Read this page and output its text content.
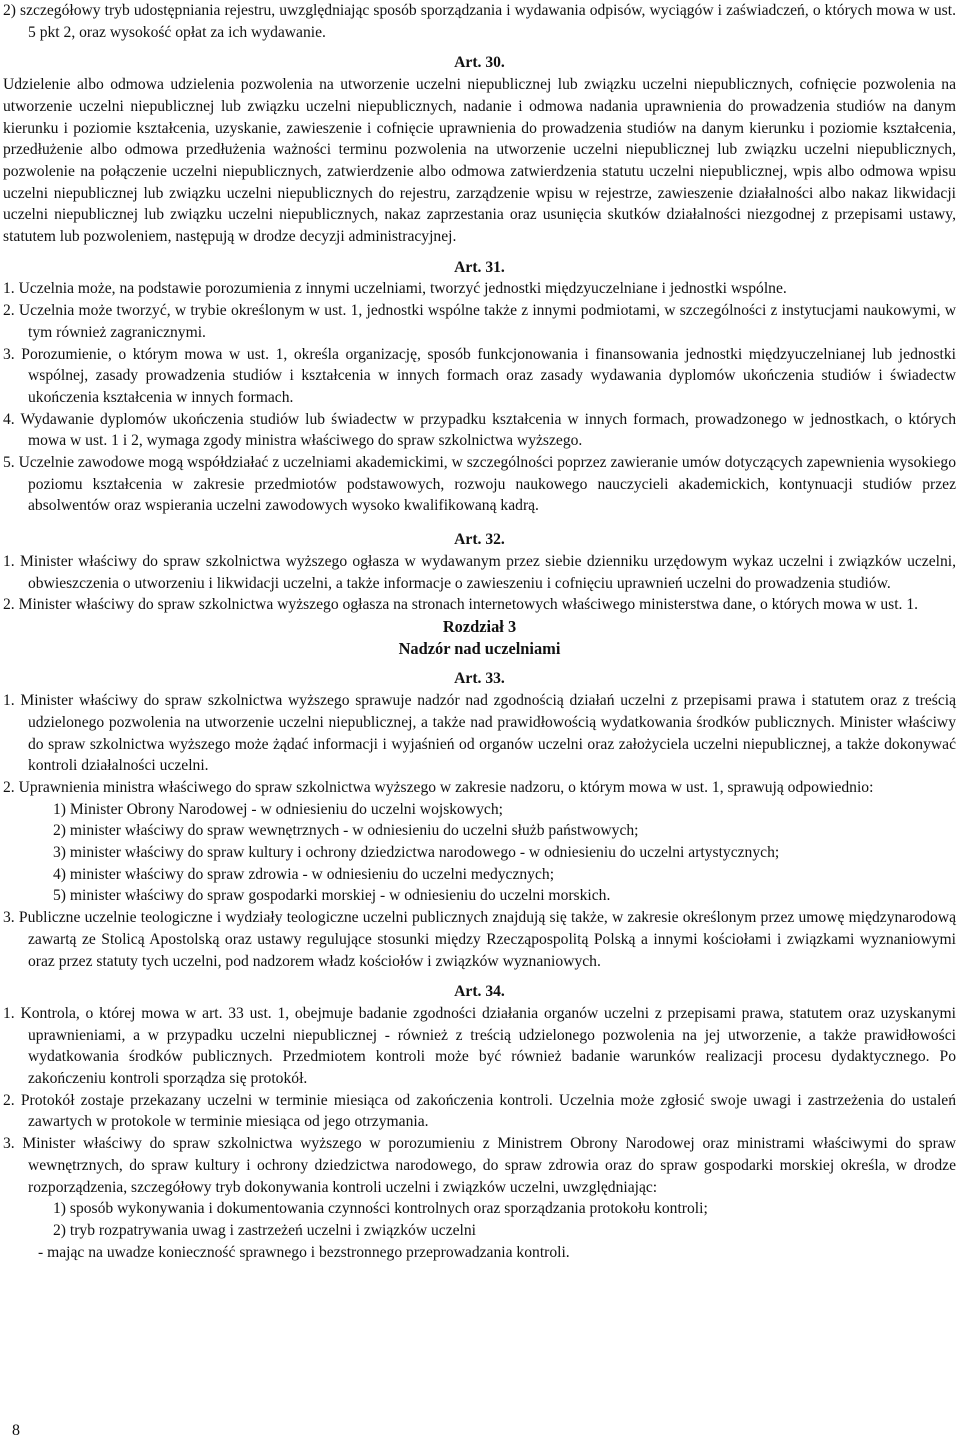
2) szczegółowy tryb udostępniania rejestru, uwzględniając sposób sporządzania i wydawania odpisów, wyciągów i zaświadczeń, o których mowa w ust. 5 pkt 2, oraz wysokość opłat za ich wydawanie.

Art. 30.

Udzielenie albo odmowa udzielenia pozwolenia na utworzenie uczelni niepublicznej lub związku uczelni niepublicznych, cofnięcie pozwolenia na utworzenie uczelni niepublicznej lub związku uczelni niepublicznych, nadanie i odmowa nadania uprawnienia do prowadzenia studiów na danym kierunku i poziomie kształcenia, uzyskanie, zawieszenie i cofnięcie uprawnienia do prowadzenia studiów na danym kierunku i poziomie kształcenia, przedłużenie albo odmowa przedłużenia ważności terminu pozwolenia na utworzenie uczelni niepublicznej lub związku uczelni niepublicznych, pozwolenie na połączenie uczelni niepublicznych, zatwierdzenie albo odmowa zatwierdzenia statutu uczelni niepublicznej, wpis albo odmowa wpisu uczelni niepublicznej lub związku uczelni niepublicznych do rejestru, zarządzenie wpisu w rejestrze, zawieszenie działalności albo nakaz likwidacji uczelni niepublicznej lub związku uczelni niepublicznych, nakaz zaprzestania oraz usunięcia skutków działalności niezgodnej z przepisami ustawy, statutem lub pozwoleniem, następują w drodze decyzji administracyjnej.

Art. 31.

1. Uczelnia może, na podstawie porozumienia z innymi uczelniami, tworzyć jednostki międzyuczelniane i jednostki wspólne.

2. Uczelnia może tworzyć, w trybie określonym w ust. 1, jednostki wspólne także z innymi podmiotami, w szczególności z instytucjami naukowymi, w tym również zagranicznymi.

3. Porozumienie, o którym mowa w ust. 1, określa organizację, sposób funkcjonowania i finansowania jednostki międzyuczelnianej lub jednostki wspólnej, zasady prowadzenia studiów i kształcenia w innych formach oraz zasady wydawania dyplomów ukończenia studiów i świadectw ukończenia kształcenia w innych formach.

4. Wydawanie dyplomów ukończenia studiów lub świadectw w przypadku kształcenia w innych formach, prowadzonego w jednostkach, o których mowa w ust. 1 i 2, wymaga zgody ministra właściwego do spraw szkolnictwa wyższego.

5. Uczelnie zawodowe mogą współdziałać z uczelniami akademickimi, w szczególności poprzez zawieranie umów dotyczących zapewnienia wysokiego poziomu kształcenia w zakresie przedmiotów podstawowych, rozwoju naukowego nauczycieli akademickich, kontynuacji studiów przez absolwentów oraz wspierania uczelni zawodowych wysoko kwalifikowaną kadrą.

Art. 32.

1. Minister właściwy do spraw szkolnictwa wyższego ogłasza w wydawanym przez siebie dzienniku urzędowym wykaz uczelni i związków uczelni, obwieszczenia o utworzeniu i likwidacji uczelni, a także informacje o zawieszeniu i cofnięciu uprawnień uczelni do prowadzenia studiów.

2. Minister właściwy do spraw szkolnictwa wyższego ogłasza na stronach internetowych właściwego ministerstwa dane, o których mowa w ust. 1.

Rozdział 3

Nadzór nad uczelniami

Art. 33.

1. Minister właściwy do spraw szkolnictwa wyższego sprawuje nadzór nad zgodnością działań uczelni z przepisami prawa i statutem oraz z treścią udzielonego pozwolenia na utworzenie uczelni niepublicznej, a także nad prawidłowością wydatkowania środków publicznych. Minister właściwy do spraw szkolnictwa wyższego może żądać informacji i wyjaśnień od organów uczelni oraz założyciela uczelni niepublicznej, a także dokonywać kontroli działalności uczelni.

2. Uprawnienia ministra właściwego do spraw szkolnictwa wyższego w zakresie nadzoru, o którym mowa w ust. 1, sprawują odpowiednio:

1) Minister Obrony Narodowej - w odniesieniu do uczelni wojskowych;

2) minister właściwy do spraw wewnętrznych - w odniesieniu do uczelni służb państwowych;

3) minister właściwy do spraw kultury i ochrony dziedzictwa narodowego - w odniesieniu do uczelni artystycznych;

4) minister właściwy do spraw zdrowia - w odniesieniu do uczelni medycznych;

5) minister właściwy do spraw gospodarki morskiej - w odniesieniu do uczelni morskich.

3. Publiczne uczelnie teologiczne i wydziały teologiczne uczelni publicznych znajdują się także, w zakresie określonym przez umowę międzynarodową zawartą ze Stolicą Apostolską oraz ustawy regulujące stosunki między Rzecząpospolitą Polską a innymi kościołami i związkami wyznaniowymi oraz przez statuty tych uczelni, pod nadzorem władz kościołów i związków wyznaniowych.

Art. 34.

1. Kontrola, o której mowa w art. 33 ust. 1, obejmuje badanie zgodności działania organów uczelni z przepisami prawa, statutem oraz uzyskanymi uprawnieniami, a w przypadku uczelni niepublicznej - również z treścią udzielonego pozwolenia na jej utworzenie, a także prawidłowości wydatkowania środków publicznych. Przedmiotem kontroli może być również badanie warunków realizacji procesu dydaktycznego. Po zakończeniu kontroli sporządza się protokół.

2. Protokół zostaje przekazany uczelni w terminie miesiąca od zakończenia kontroli. Uczelnia może zgłosić swoje uwagi i zastrzeżenia do ustaleń zawartych w protokole w terminie miesiąca od jego otrzymania.

3. Minister właściwy do spraw szkolnictwa wyższego w porozumieniu z Ministrem Obrony Narodowej oraz ministrami właściwymi do spraw wewnętrznych, do spraw kultury i ochrony dziedzictwa narodowego, do spraw zdrowia oraz do spraw gospodarki morskiej określa, w drodze rozporządzenia, szczegółowy tryb dokonywania kontroli uczelni i związków uczelni, uwzględniając:

1) sposób wykonywania i dokumentowania czynności kontrolnych oraz sporządzania protokołu kontroli;

2) tryb rozpatrywania uwag i zastrzeżeń uczelni i związków uczelni

- mając na uwadze konieczność sprawnego i bezstronnego przeprowadzania kontroli.

8
